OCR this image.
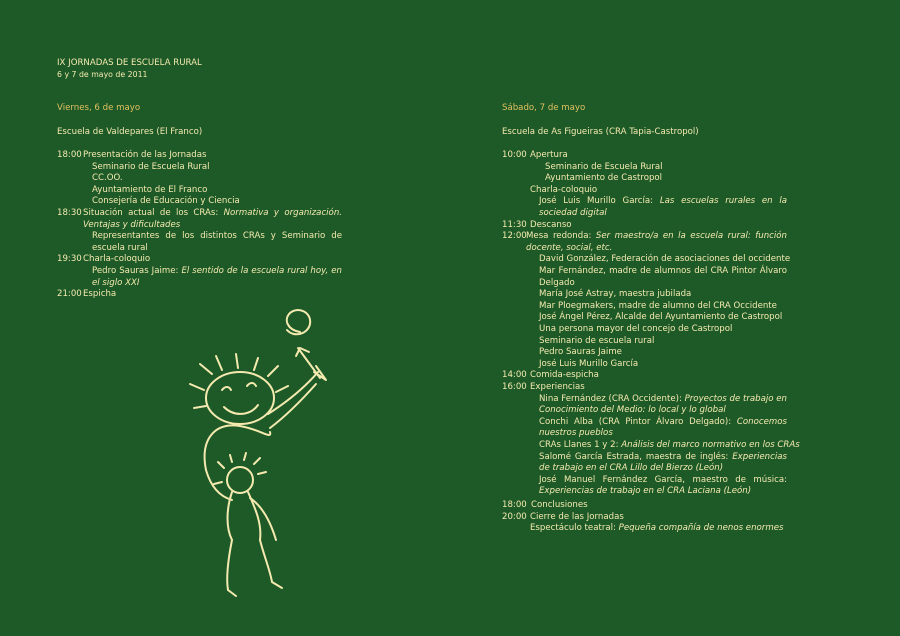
IX JORNADAS DE ESCUELA RURAL
6 y 7 de mayo de 2011
Viernes, 6 de mayo
Escuela de Valdepares (El Franco)
18:00 Presentación de las Jornadas
Seminario de Escuela Rural
CC.OO.
Ayuntamiento de El Franco
Consejería de Educación y Ciencia
18:30 Situación actual de los CRAs: Normativa y organización. Ventajas y dificultades
Representantes de los distintos CRAs y Seminario de escuela rural
19:30 Charla-coloquio
Pedro Sauras Jaime: El sentido de la escuela rural hoy, en el siglo XXI
21:00 Espicha
Sábado, 7 de mayo
Escuela de As Figueiras (CRA Tapia-Castropol)
10:00 Apertura
Seminario de Escuela Rural
Ayuntamiento de Castropol
Charla-coloquio
José Luis Murillo García: Las escuelas rurales en la sociedad digital
11:30 Descanso
12:00 Mesa redonda: Ser maestro/a en la escuela rural: función docente, social, etc.
David González, Federación de asociaciones del occidente
Mar Fernández, madre de alumnos del CRA Pintor Álvaro Delgado
María José Astray, maestra jubilada
Mar Ploegmakers, madre de alumno del CRA Occidente
José Ángel Pérez, Alcalde del Ayuntamiento de Castropol
Una persona mayor del concejo de Castropol
Seminario de escuela rural
Pedro Sauras Jaime
José Luis Murillo García
14:00 Comida-espicha
16:00 Experiencias
Nina Fernández (CRA Occidente): Proyectos de trabajo en Conocimiento del Medio: lo local y lo global
Conchi Alba (CRA Pintor Álvaro Delgado): Conocemos nuestros pueblos
CRAs Llanes 1 y 2: Análisis del marco normativo en los CRAs
Salomé García Estrada, maestra de inglés: Experiencias de trabajo en el CRA Lillo del Bierzo (León)
José Manuel Fernández García, maestro de música: Experiencias de trabajo en el CRA Laciana (León)
18:00 Conclusiones
20:00 Cierre de las Jornadas
Espectáculo teatral: Pequeña compañía de nenos enormes
